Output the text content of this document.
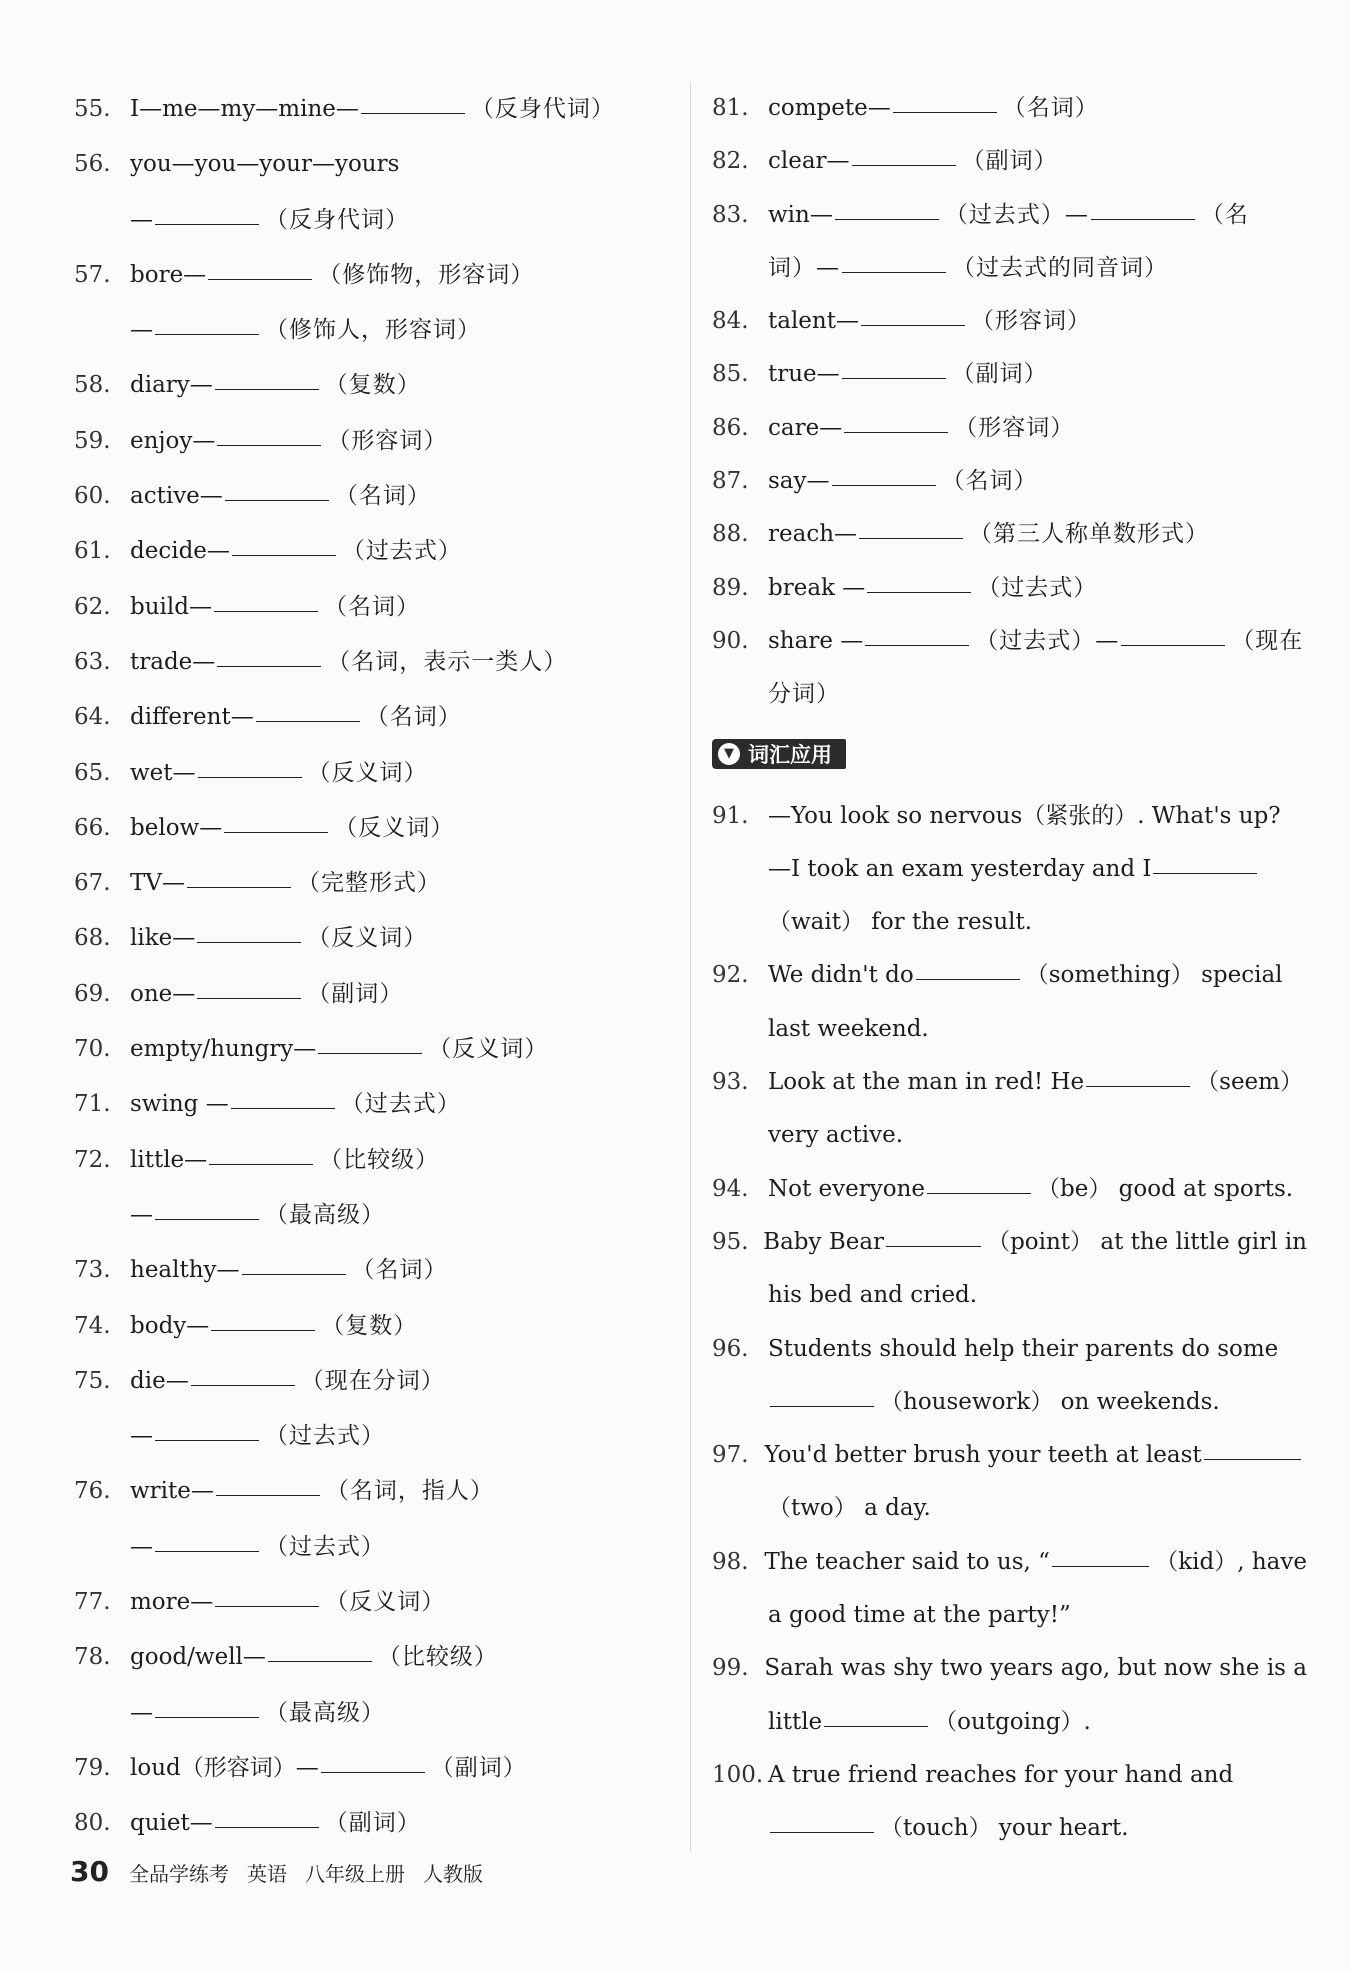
55. I—me—my—mine—	（反身代词）
56. you—you—your—yours
—	（反身代词）
57. bore—	（修饰物，形容词）
—	（修饰人，形容词）
58. diary—	（复数）
59. enjoy—	（形容词）
60. active—	（名词）
61. decide—	（过去式）
62. build—	（名词）
63. trade—	（名词，表示一类人）
64. different—	（名词）
65. wet—	（反义词）
66. below—	（反义词）
67. TV—	（完整形式）
68. like—	（反义词）
69. one—	（副词）
70. empty/hungry—	（反义词）
71. swing —	（过去式）
72. little—	（比较级）
—	（最高级）
73. healthy—	（名词）
74. body—	（复数）
75. die—	（现在分词）
—	（过去式）
76. write—	（名词，指人）
—	（过去式）
77. more—	（反义词）
78. good/well—	（比较级）
—	（最高级）
79. loud（形容词）—	（副词）
80. quiet—	（副词）
81. compete—	（名词）
82. clear—	（副词）
83. win—	（过去式）—	（名
词）—	（过去式的同音词）
84. talent—	（形容词）
85. true—	（副词）
86. care—	（形容词）
87. say—	（名词）
88. reach—	（第三人称单数形式）
89. break —	（过去式）
90. share —	（过去式）—	（现在
分词）
▼ 词汇应用
91. —You look so nervous（紧张的）. What's up?
—I took an exam yesterday and I
（wait） for the result.
92. We didn't do	（something） special
last weekend.
93. Look at the man in red! He	（seem）
very active.
94. Not everyone	（be） good at sports.
95. Baby Bear	（point） at the little girl in
his bed and cried.
96. Students should help their parents do some
（housework） on weekends.
97. You'd better brush your teeth at least
（two） a day.
98. The teacher said to us, “	（kid）, have
a good time at the party!”
99. Sarah was shy two years ago, but now she is a
little	（outgoing）.
100. A true friend reaches for your hand and
（touch） your heart.
30 全品学练考 英语 八年级上册 人教版
